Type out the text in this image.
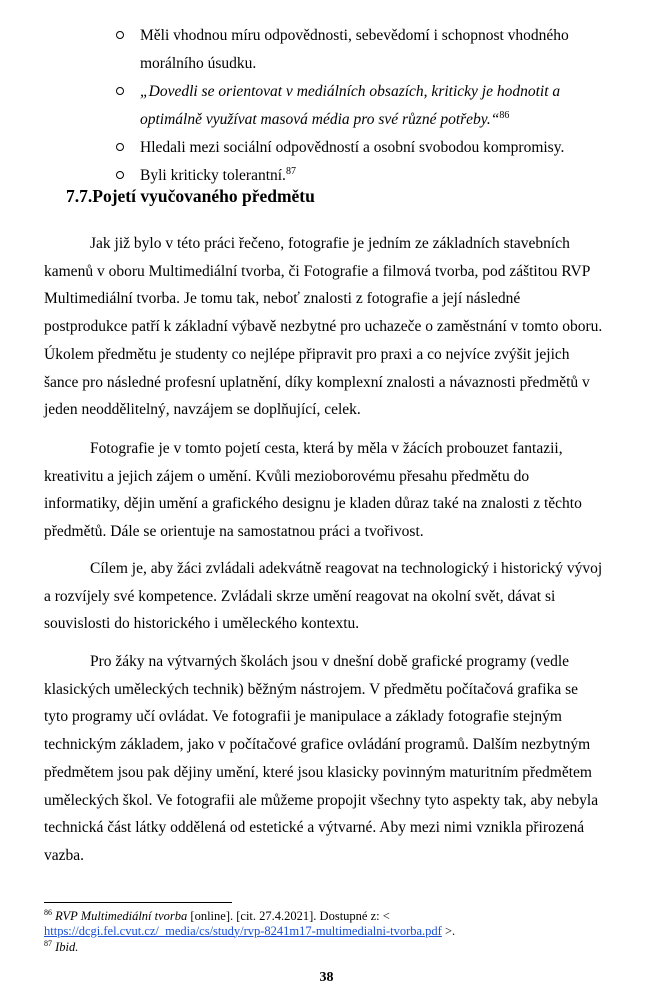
Měli vhodnou míru odpovědnosti, sebevědomí i schopnost vhodného morálního úsudku.
„Dovedli se orientovat v mediálních obsazích, kriticky je hodnotit a optimálně využívat masová média pro své různé potřeby.“$^{86}$
Hledali mezi sociální odpovědností a osobní svobodou kompromisy.
Byli kriticky tolerantní.$^{87}$
7.7.Pojetí vyučovaného předmětu

Jak již bylo v této práci řečeno, fotografie je jedním ze základních stavebních kamenů v oboru Multimediální tvorba, či Fotografie a filmová tvorba, pod záštitou RVP Multimediální tvorba. Je tomu tak, neboť znalosti z fotografie a její následné postprodukce patří k základní výbavě nezbytné pro uchazeče o zaměstnání v tomto oboru. Úkolem předmětu je studenty co nejlépe připravit pro praxi a co nejvíce zvýšit jejich šance pro následné profesní uplatnění, díky komplexní znalosti a návaznosti předmětů v jeden neoddělitelný, navzájem se doplňující, celek.

Fotografie je v tomto pojetí cesta, která by měla v žácích probouzet fantazii, kreativitu a jejich zájem o umění. Kvůli mezioborovému přesahu předmětu do informatiky, dějin umění a grafického designu je kladen důraz také na znalosti z těchto předmětů. Dále se orientuje na samostatnou práci a tvořivost.

Cílem je, aby žáci zvládali adekvátně reagovat na technologický i historický vývoj a rozvíjely své kompetence. Zvládali skrze umění reagovat na okolní svět, dávat si souvislosti do historického i uměleckého kontextu.

Pro žáky na výtvarných školách jsou v dnešní době grafické programy (vedle klasických uměleckých technik) běžným nástrojem. V předmětu počítačová grafika se tyto programy učí ovládat. Ve fotografii je manipulace a základy fotografie stejným technickým základem, jako v počítačové grafice ovládání programů. Dalším nezbytným předmětem jsou pak dějiny umění, které jsou klasicky povinným maturitním předmětem uměleckých škol. Ve fotografii ale můžeme propojit všechny tyto aspekty tak, aby nebyla technická část látky oddělená od estetické a výtvarné. Aby mezi nimi vznikla přirozená vazba.

$^{86}$ RVP Multimediální tvorba [online]. [cit. 27.4.2021]. Dostupné z: <
https://dcgi.fel.cvut.cz/_media/cs/study/rvp-8241m17-multimedialni-tvorba.pdf >.

$^{87}$ Ibid.

38
